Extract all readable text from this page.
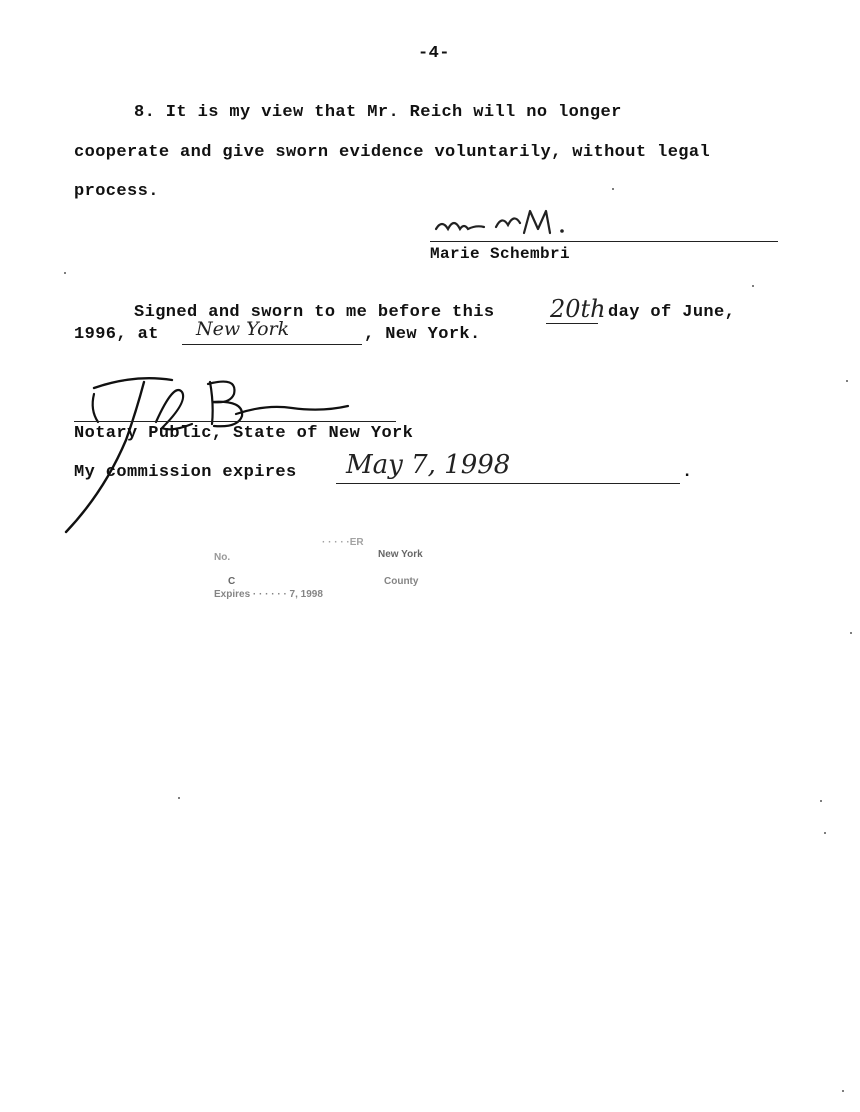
-4-
8. It is my view that Mr. Reich will no longer
cooperate and give sworn evidence voluntarily, without legal
process.
Marie Schembri
Signed and sworn to me before this 20th day of June,
1996, at New York	, New York.
Notary Public, State of New York
My commission expires May 7, 1998	.
· · · · ·ER
No.	New York
C	County
Expires · · · · · · 7, 1998
